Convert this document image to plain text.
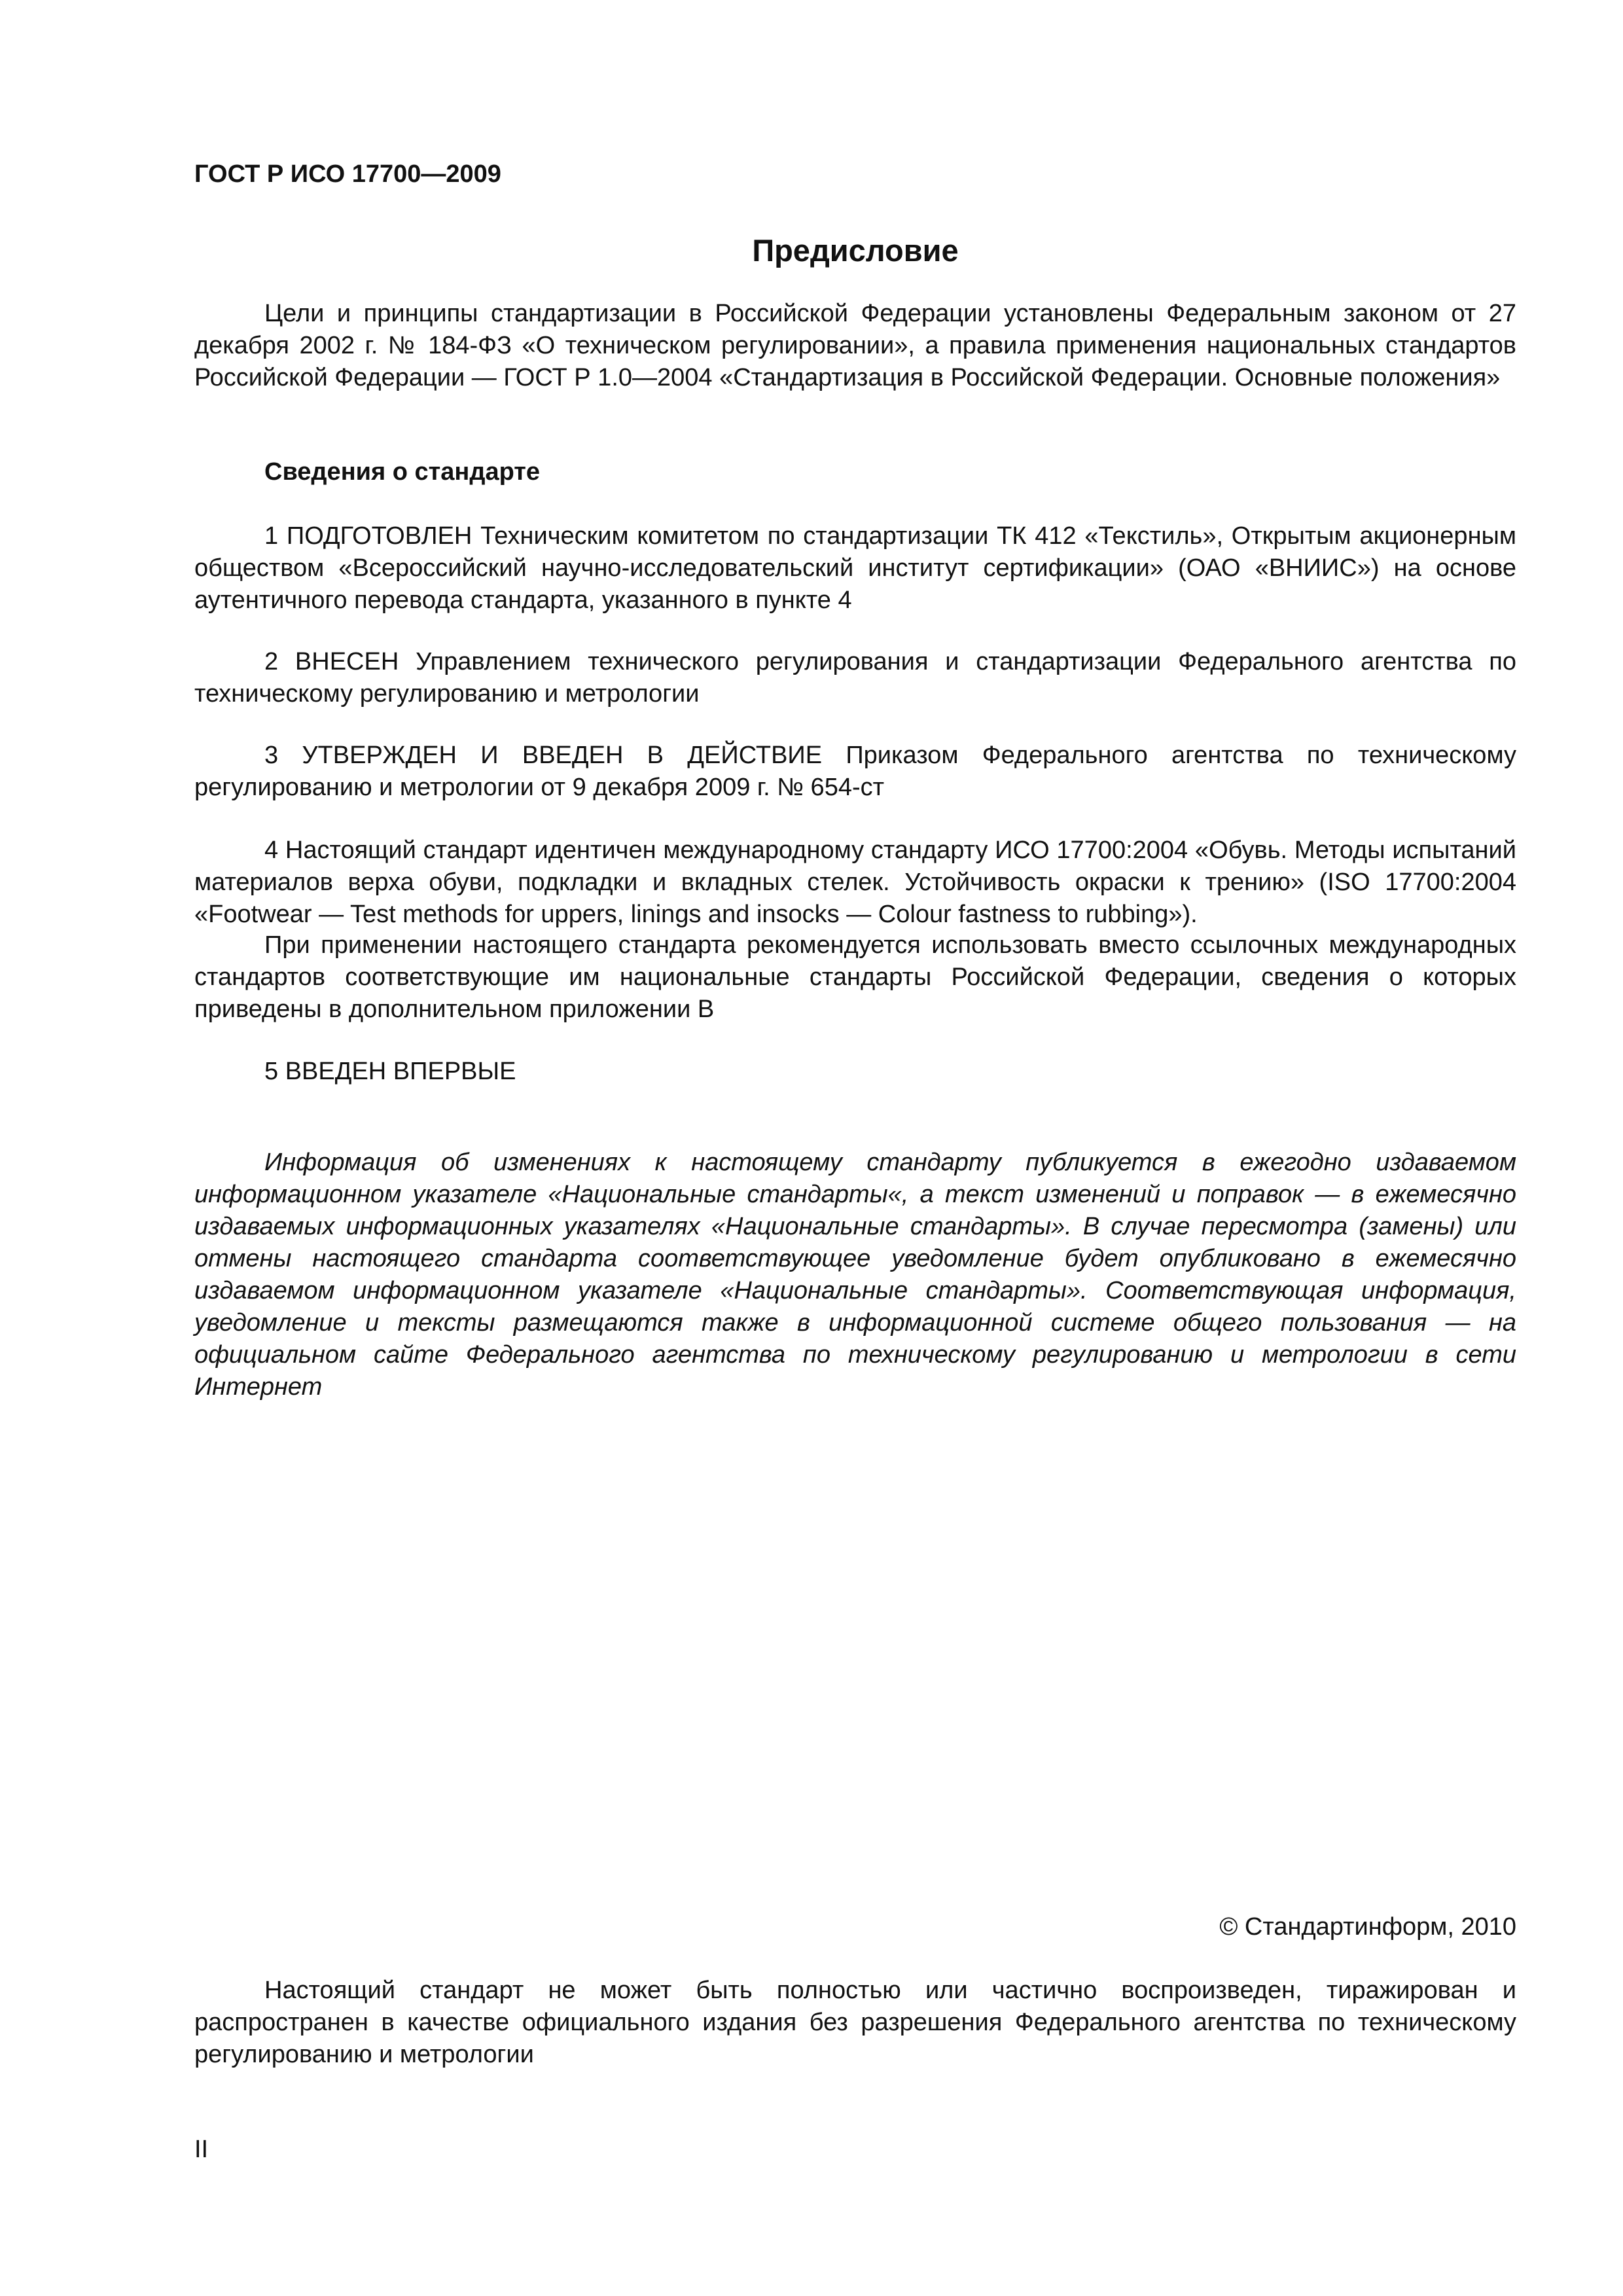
ГОСТ Р ИСО 17700—2009

Предисловие

Цели и принципы стандартизации в Российской Федерации установлены Федеральным законом от 27 декабря 2002 г. № 184-ФЗ «О техническом регулировании», а правила применения национальных стандартов Российской Федерации — ГОСТ Р 1.0—2004 «Стандартизация в Российской Федерации. Основные положения»

Сведения о стандарте

1 ПОДГОТОВЛЕН Техническим комитетом по стандартизации ТК 412 «Текстиль», Открытым акционерным обществом «Всероссийский научно-исследовательский институт сертификации» (ОАО «ВНИИС») на основе аутентичного перевода стандарта, указанного в пункте 4

2 ВНЕСЕН Управлением технического регулирования и стандартизации Федерального агентства по техническому регулированию и метрологии

3 УТВЕРЖДЕН И ВВЕДЕН В ДЕЙСТВИЕ Приказом Федерального агентства по техническому регулированию и метрологии от 9 декабря 2009 г. № 654-ст

4 Настоящий стандарт идентичен международному стандарту ИСО 17700:2004 «Обувь. Методы испытаний материалов верха обуви, подкладки и вкладных стелек. Устойчивость окраски к трению» (ISO 17700:2004 «Footwear — Test methods for uppers, linings and insocks — Colour fastness to rubbing»).

При применении настоящего стандарта рекомендуется использовать вместо ссылочных международных стандартов соответствующие им национальные стандарты Российской Федерации, сведения о которых приведены в дополнительном приложении В

5 ВВЕДЕН ВПЕРВЫЕ

Информация об изменениях к настоящему стандарту публикуется в ежегодно издаваемом информационном указателе «Национальные стандарты«, а текст изменений и поправок — в ежемесячно издаваемых информационных указателях «Национальные стандарты». В случае пересмотра (замены) или отмены настоящего стандарта соответствующее уведомление будет опубликовано в ежемесячно издаваемом информационном указателе «Национальные стандарты». Соответствующая информация, уведомление и тексты размещаются также в информационной системе общего пользования — на официальном сайте Федерального агентства по техническому регулированию и метрологии в сети Интернет

© Стандартинформ, 2010

Настоящий стандарт не может быть полностью или частично воспроизведен, тиражирован и распространен в качестве официального издания без разрешения Федерального агентства по техническому регулированию и метрологии

II
